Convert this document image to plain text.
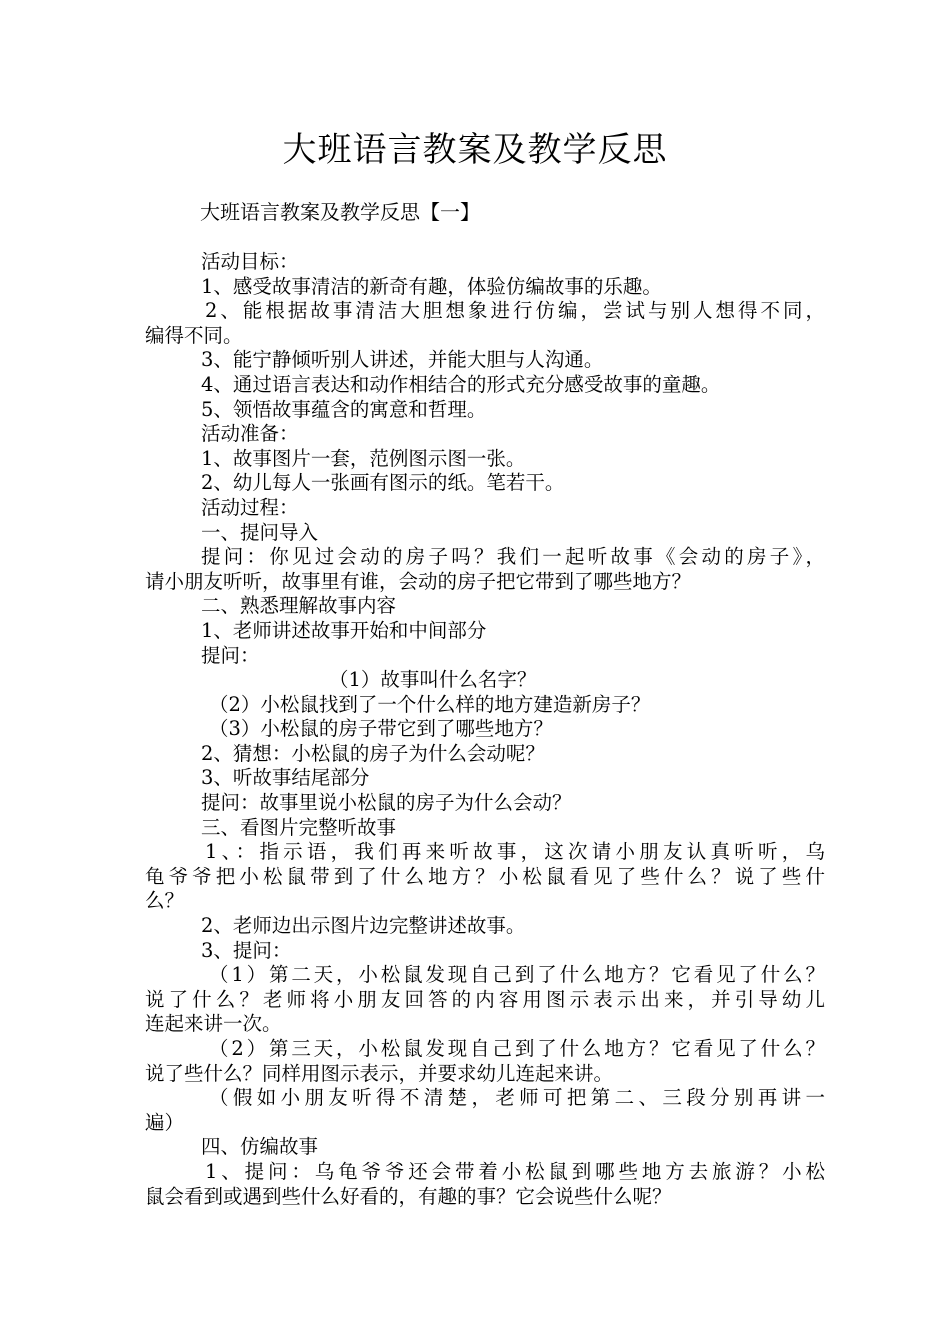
大班语言教案及教学反思
大班语言教案及教学反思【一】
活动目标：
1、感受故事清洁的新奇有趣，体验仿编故事的乐趣。
2、能根据故事清洁大胆想象进行仿编，尝试与别人想得不同，
编得不同。
3、能宁静倾听别人讲述，并能大胆与人沟通。
4、通过语言表达和动作相结合的形式充分感受故事的童趣。
5、领悟故事蕴含的寓意和哲理。
活动准备：
1、故事图片一套，范例图示图一张。
2、幼儿每人一张画有图示的纸。笔若干。
活动过程：
一、提问导入
提问：你见过会动的房子吗？我们一起听故事《会动的房子》，
请小朋友听听，故事里有谁，会动的房子把它带到了哪些地方？
二、熟悉理解故事内容
1、老师讲述故事开始和中间部分
提问：
（1）故事叫什么名字？
（2）小松鼠找到了一个什么样的地方建造新房子？
（3）小松鼠的房子带它到了哪些地方？
2、猜想：小松鼠的房子为什么会动呢？
3、听故事结尾部分
提问：故事里说小松鼠的房子为什么会动？
三、看图片完整听故事
1、：指示语，我们再来听故事，这次请小朋友认真听听，乌
龟爷爷把小松鼠带到了什么地方？小松鼠看见了些什么？说了些什
么？
2、老师边出示图片边完整讲述故事。
3、提问：
（1）第二天，小松鼠发现自己到了什么地方？它看见了什么？
说了什么？老师将小朋友回答的内容用图示表示出来，并引导幼儿
连起来讲一次。
（2）第三天，小松鼠发现自己到了什么地方？它看见了什么？
说了些什么？同样用图示表示，并要求幼儿连起来讲。
（假如小朋友听得不清楚，老师可把第二、三段分别再讲一
遍）
四、仿编故事
1、提问：乌龟爷爷还会带着小松鼠到哪些地方去旅游？小松
鼠会看到或遇到些什么好看的，有趣的事？它会说些什么呢？
